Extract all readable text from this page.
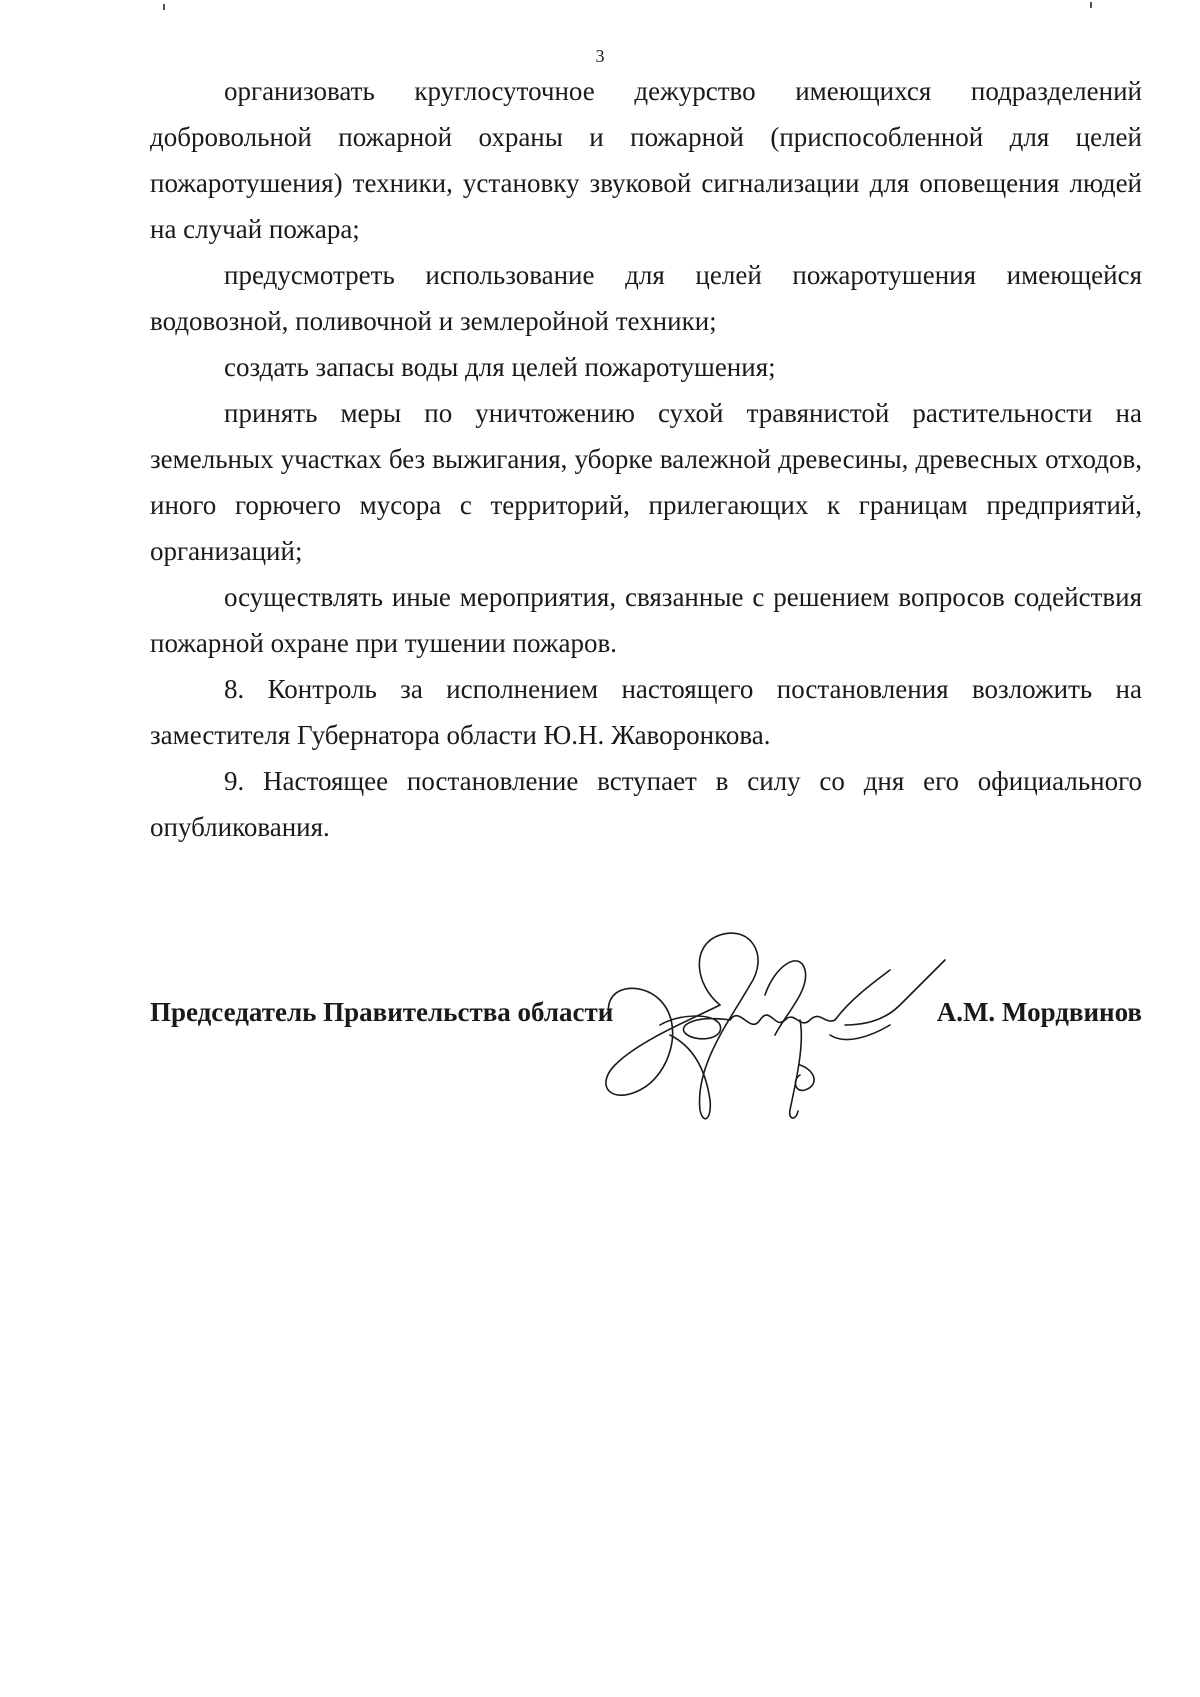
3

организовать круглосуточное дежурство имеющихся подразделений добровольной пожарной охраны и пожарной (приспособленной для целей пожаротушения) техники, установку звуковой сигнализации для оповещения людей на случай пожара;

предусмотреть использование для целей пожаротушения имеющейся водовозной, поливочной и землеройной техники;

создать запасы воды для целей пожаротушения;

принять меры по уничтожению сухой травянистой растительности на земельных участках без выжигания, уборке валежной древесины, древесных отходов, иного горючего мусора с территорий, прилегающих к границам предприятий, организаций;

осуществлять иные мероприятия, связанные с решением вопросов содействия пожарной охране при тушении пожаров.

8. Контроль за исполнением настоящего постановления возложить на заместителя Губернатора области Ю.Н. Жаворонкова.

9. Настоящее постановление вступает в силу со дня его официального опубликования.

Председатель Правительства области	А.М. Мордвинов
